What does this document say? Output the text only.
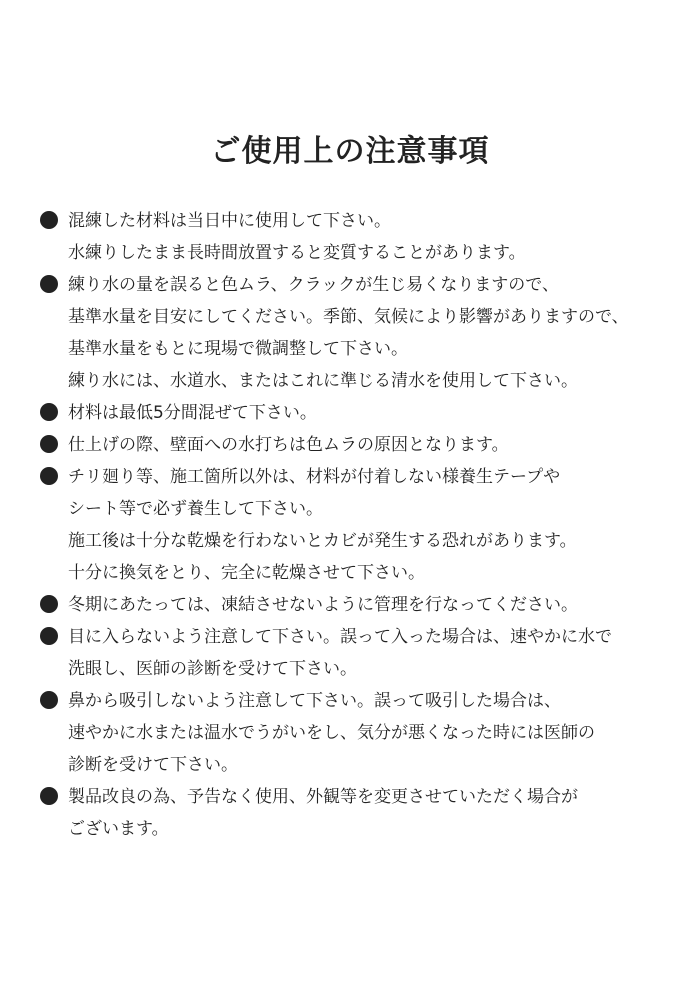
ご使用上の注意事項
混練した材料は当日中に使用して下さい。
水練りしたまま長時間放置すると変質することがあります。
練り水の量を誤ると色ムラ、クラックが生じ易くなりますので、
基準水量を目安にしてください。季節、気候により影響がありますので、
基準水量をもとに現場で微調整して下さい。
練り水には、水道水、またはこれに準じる清水を使用して下さい。
材料は最低5分間混ぜて下さい。
仕上げの際、壁面への水打ちは色ムラの原因となります。
チリ廻り等、施工箇所以外は、材料が付着しない様養生テープや
シート等で必ず養生して下さい。
施工後は十分な乾燥を行わないとカビが発生する恐れがあります。
十分に換気をとり、完全に乾燥させて下さい。
冬期にあたっては、凍結させないように管理を行なってください。
目に入らないよう注意して下さい。誤って入った場合は、速やかに水で
洗眼し、医師の診断を受けて下さい。
鼻から吸引しないよう注意して下さい。誤って吸引した場合は、
速やかに水または温水でうがいをし、気分が悪くなった時には医師の
診断を受けて下さい。
製品改良の為、予告なく使用、外観等を変更させていただく場合が
ございます。
